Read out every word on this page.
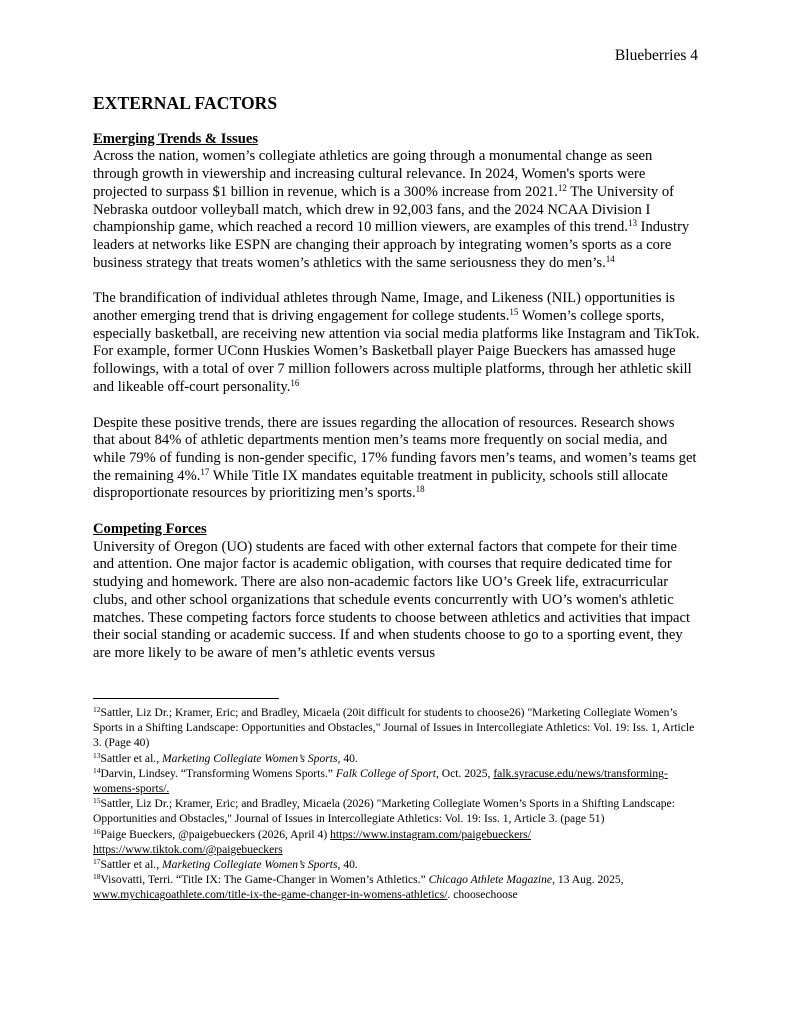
Blueberries 4
EXTERNAL FACTORS
Emerging Trends & Issues

Across the nation, women’s collegiate athletics are going through a monumental change as seen through growth in viewership and increasing cultural relevance. In 2024, Women's sports were projected to surpass $1 billion in revenue, which is a 300% increase from 2021.12 The University of Nebraska outdoor volleyball match, which drew in 92,003 fans, and the 2024 NCAA Division I championship game, which reached a record 10 million viewers, are examples of this trend.$^{13}$ Industry leaders at networks like ESPN are changing their approach by integrating women’s sports as a core business strategy that treats women’s athletics with the same seriousness they do men’s.$^{14}$

The brandification of individual athletes through Name, Image, and Likeness (NIL) opportunities is another emerging trend that is driving engagement for college students.$^{15}$ Women’s college sports, especially basketball, are receiving new attention via social media platforms like Instagram and TikTok. For example, former UConn Huskies Women’s Basketball player Paige Bueckers has amassed huge followings, with a total of over 7 million followers across multiple platforms, through her athletic skill and likeable off-court personality.$^{16}$

Despite these positive trends, there are issues regarding the allocation of resources. Research shows that about 84% of athletic departments mention men’s teams more frequently on social media, and while 79% of funding is non-gender specific, 17% funding favors men’s teams, and women’s teams get the remaining 4%.$^{17}$ While Title IX mandates equitable treatment in publicity, schools still allocate disproportionate resources by prioritizing men’s sports.$^{18}$

Competing Forces

University of Oregon (UO) students are faced with other external factors that compete for their time and attention. One major factor is academic obligation, with courses that require dedicated time for studying and homework. There are also non-academic factors like UO’s Greek life, extracurricular clubs, and other school organizations that schedule events concurrently with UO’s women's athletic matches. These competing factors force students to choose between athletics and activities that impact their social standing or academic success. If and when students choose to go to a sporting event, they are more likely to be aware of men’s athletic events versus

$^{12}$Sattler, Liz Dr.; Kramer, Eric; and Bradley, Micaela (20it difficult for students to choose26) "Marketing Collegiate Women’s Sports in a Shifting Landscape: Opportunities and Obstacles," Journal of Issues in Intercollegiate Athletics: Vol. 19: Iss. 1, Article 3. (Page 40)

$^{13}$Sattler et al., Marketing Collegiate Women’s Sports, 40.

$^{14}$Darvin, Lindsey. “Transforming Womens Sports.” Falk College of Sport, Oct. 2025, falk.syracuse.edu/news/transforming-womens-sports/.

$^{15}$Sattler, Liz Dr.; Kramer, Eric; and Bradley, Micaela (2026) "Marketing Collegiate Women’s Sports in a Shifting Landscape: Opportunities and Obstacles," Journal of Issues in Intercollegiate Athletics: Vol. 19: Iss. 1, Article 3. (page 51)

$^{16}$Paige Bueckers, @paigebueckers (2026, April 4) https://www.instagram.com/paigebueckers/
https://www.tiktok.com/@paigebueckers

$^{17}$Sattler et al., Marketing Collegiate Women’s Sports, 40.

$^{18}$Visovatti, Terri. “Title IX: The Game-Changer in Women’s Athletics.” Chicago Athlete Magazine, 13 Aug. 2025, www.mychicagoathlete.com/title-ix-the-game-changer-in-womens-athletics/. choosechoose
